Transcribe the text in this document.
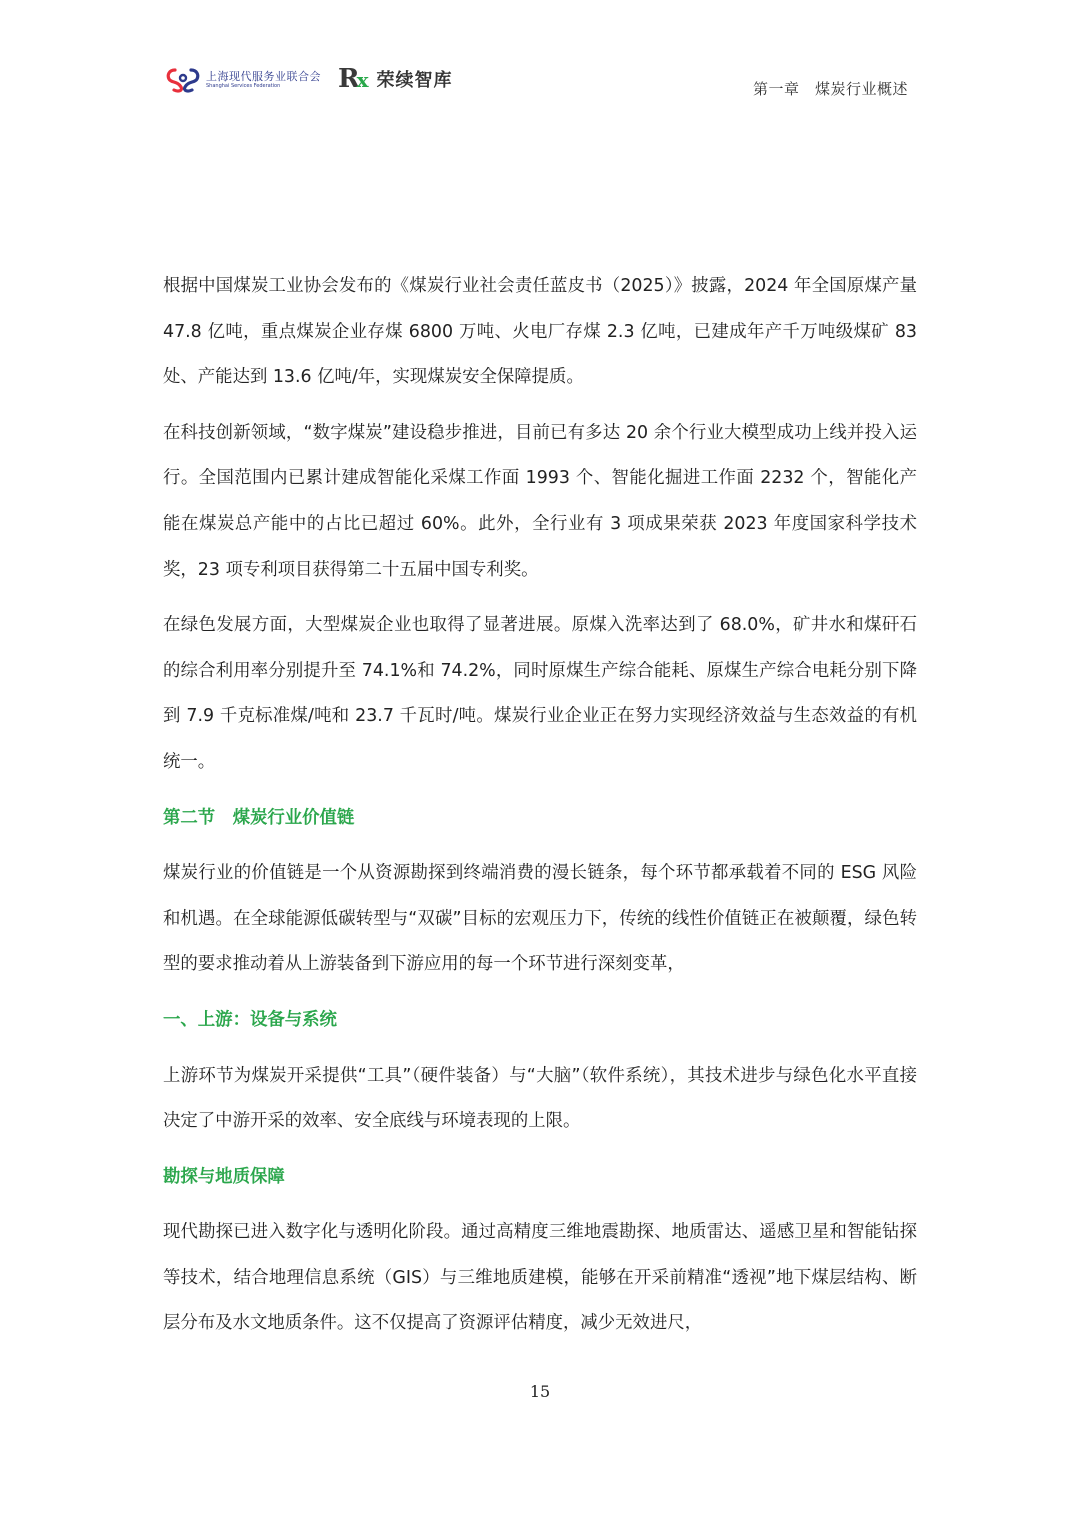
上海现代服务业联合会
Shanghai Services Federation	Rx 荣续智库	第一章　煤炭行业概述

根据中国煤炭工业协会发布的《煤炭行业社会责任蓝皮书（2025）》披露，2024 年全国原煤产量 47.8 亿吨，重点煤炭企业存煤 6800 万吨、火电厂存煤 2.3 亿吨，已建成年产千万吨级煤矿 83 处、产能达到 13.6 亿吨/年，实现煤炭安全保障提质。

在科技创新领域，“数字煤炭”建设稳步推进，目前已有多达 20 余个行业大模型成功上线并投入运行。全国范围内已累计建成智能化采煤工作面 1993 个、智能化掘进工作面 2232 个，智能化产能在煤炭总产能中的占比已超过 60%。此外，全行业有 3 项成果荣获 2023 年度国家科学技术奖，23 项专利项目获得第二十五届中国专利奖。

在绿色发展方面，大型煤炭企业也取得了显著进展。原煤入洗率达到了 68.0%，矿井水和煤矸石的综合利用率分别提升至 74.1%和 74.2%，同时原煤生产综合能耗、原煤生产综合电耗分别下降到 7.9 千克标准煤/吨和 23.7 千瓦时/吨。煤炭行业企业正在努力实现经济效益与生态效益的有机统一。

第二节　煤炭行业价值链

煤炭行业的价值链是一个从资源勘探到终端消费的漫长链条，每个环节都承载着不同的 ESG 风险和机遇。在全球能源低碳转型与“双碳”目标的宏观压力下，传统的线性价值链正在被颠覆，绿色转型的要求推动着从上游装备到下游应用的每一个环节进行深刻变革，

一、上游：设备与系统

上游环节为煤炭开采提供“工具”（硬件装备）与“大脑”（软件系统），其技术进步与绿色化水平直接决定了中游开采的效率、安全底线与环境表现的上限。

勘探与地质保障

现代勘探已进入数字化与透明化阶段。通过高精度三维地震勘探、地质雷达、遥感卫星和智能钻探等技术，结合地理信息系统（GIS）与三维地质建模，能够在开采前精准“透视”地下煤层结构、断层分布及水文地质条件。这不仅提高了资源评估精度，减少无效进尺，

15
